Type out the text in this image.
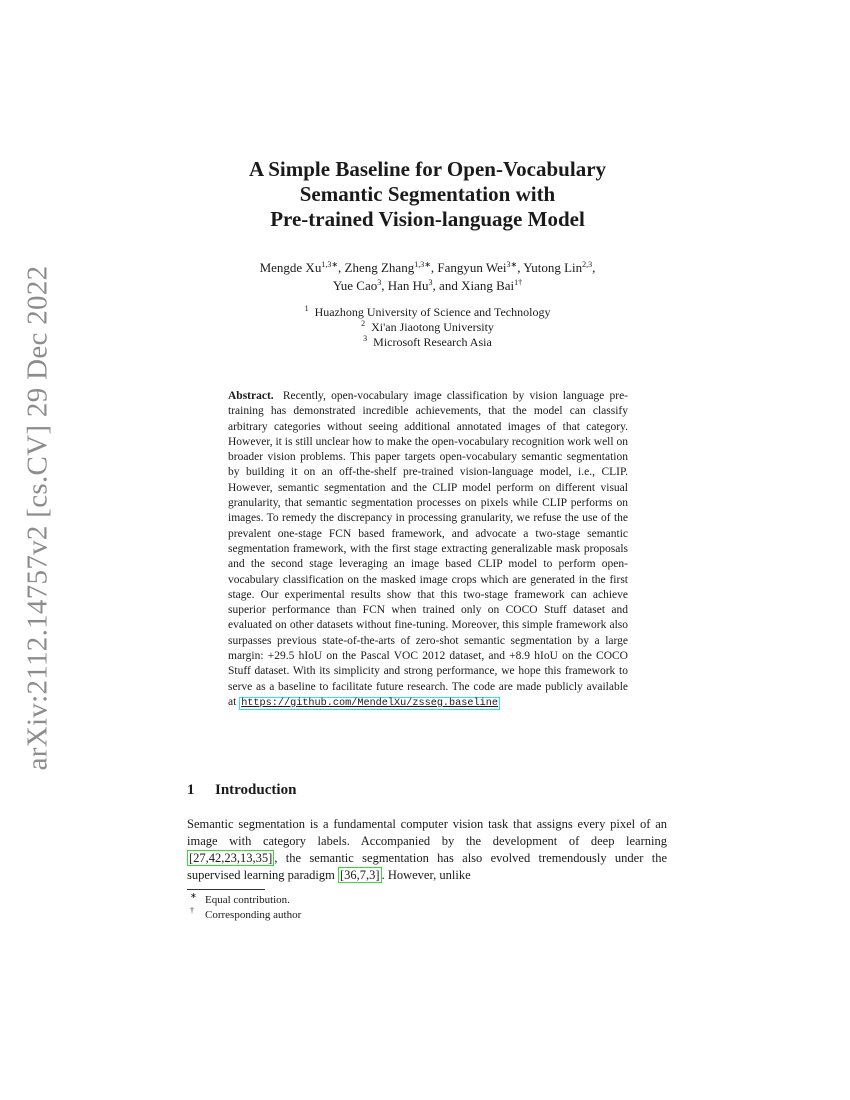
arXiv:2112.14757v2 [cs.CV] 29 Dec 2022
A Simple Baseline for Open-Vocabulary
Semantic Segmentation with
Pre-trained Vision-language Model
Mengde $Xu^{1,3∗}$, Zheng Zhang$^{1,3∗}$, Fangyun Wei$^{3∗}$, Yutong Lin$^{2,3}$,
Yue Cao$^3$, Han Hu$^3$, and Xiang Bai$^{1\dagger}$
$^1$ Huazhong University of Science and Technology
$^2$ Xi'an Jiaotong University
$^3$ Microsoft Research Asia
Abstract. Recently, open-vocabulary image classification by vision language pre-training has demonstrated incredible achievements, that the model can classify arbitrary categories without seeing additional annotated images of that category. However, it is still unclear how to make the open-vocabulary recognition work well on broader vision problems. This paper targets open-vocabulary semantic segmentation by building it on an off-the-shelf pre-trained vision-language model, i.e., CLIP. However, semantic segmentation and the CLIP model perform on different visual granularity, that semantic segmentation processes on pixels while CLIP performs on images. To remedy the discrepancy in processing granularity, we refuse the use of the prevalent one-stage FCN based framework, and advocate a two-stage semantic segmentation framework, with the first stage extracting generalizable mask proposals and the second stage leveraging an image based CLIP model to perform open-vocabulary classification on the masked image crops which are generated in the first stage. Our experimental results show that this two-stage framework can achieve superior performance than FCN when trained only on COCO Stuff dataset and evaluated on other datasets without fine-tuning. Moreover, this simple framework also surpasses previous state-of-the-arts of zero-shot semantic segmentation by a large margin: +29.5 hIoU on the Pascal VOC 2012 dataset, and +8.9 hIoU on the COCO Stuff dataset. With its simplicity and strong performance, we hope this framework to serve as a baseline to facilitate future research. The code are made publicly available at https://github.com/MendelXu/zsseg.baseline
1 Introduction
Semantic segmentation is a fundamental computer vision task that assigns every pixel of an image with category labels. Accompanied by the development of deep learning [27,42,23,13,35] , the semantic segmentation has also evolved tremendously under the supervised learning paradigm [36,7,3] . However, unlike
∗ Equal contribution.
† Corresponding author
